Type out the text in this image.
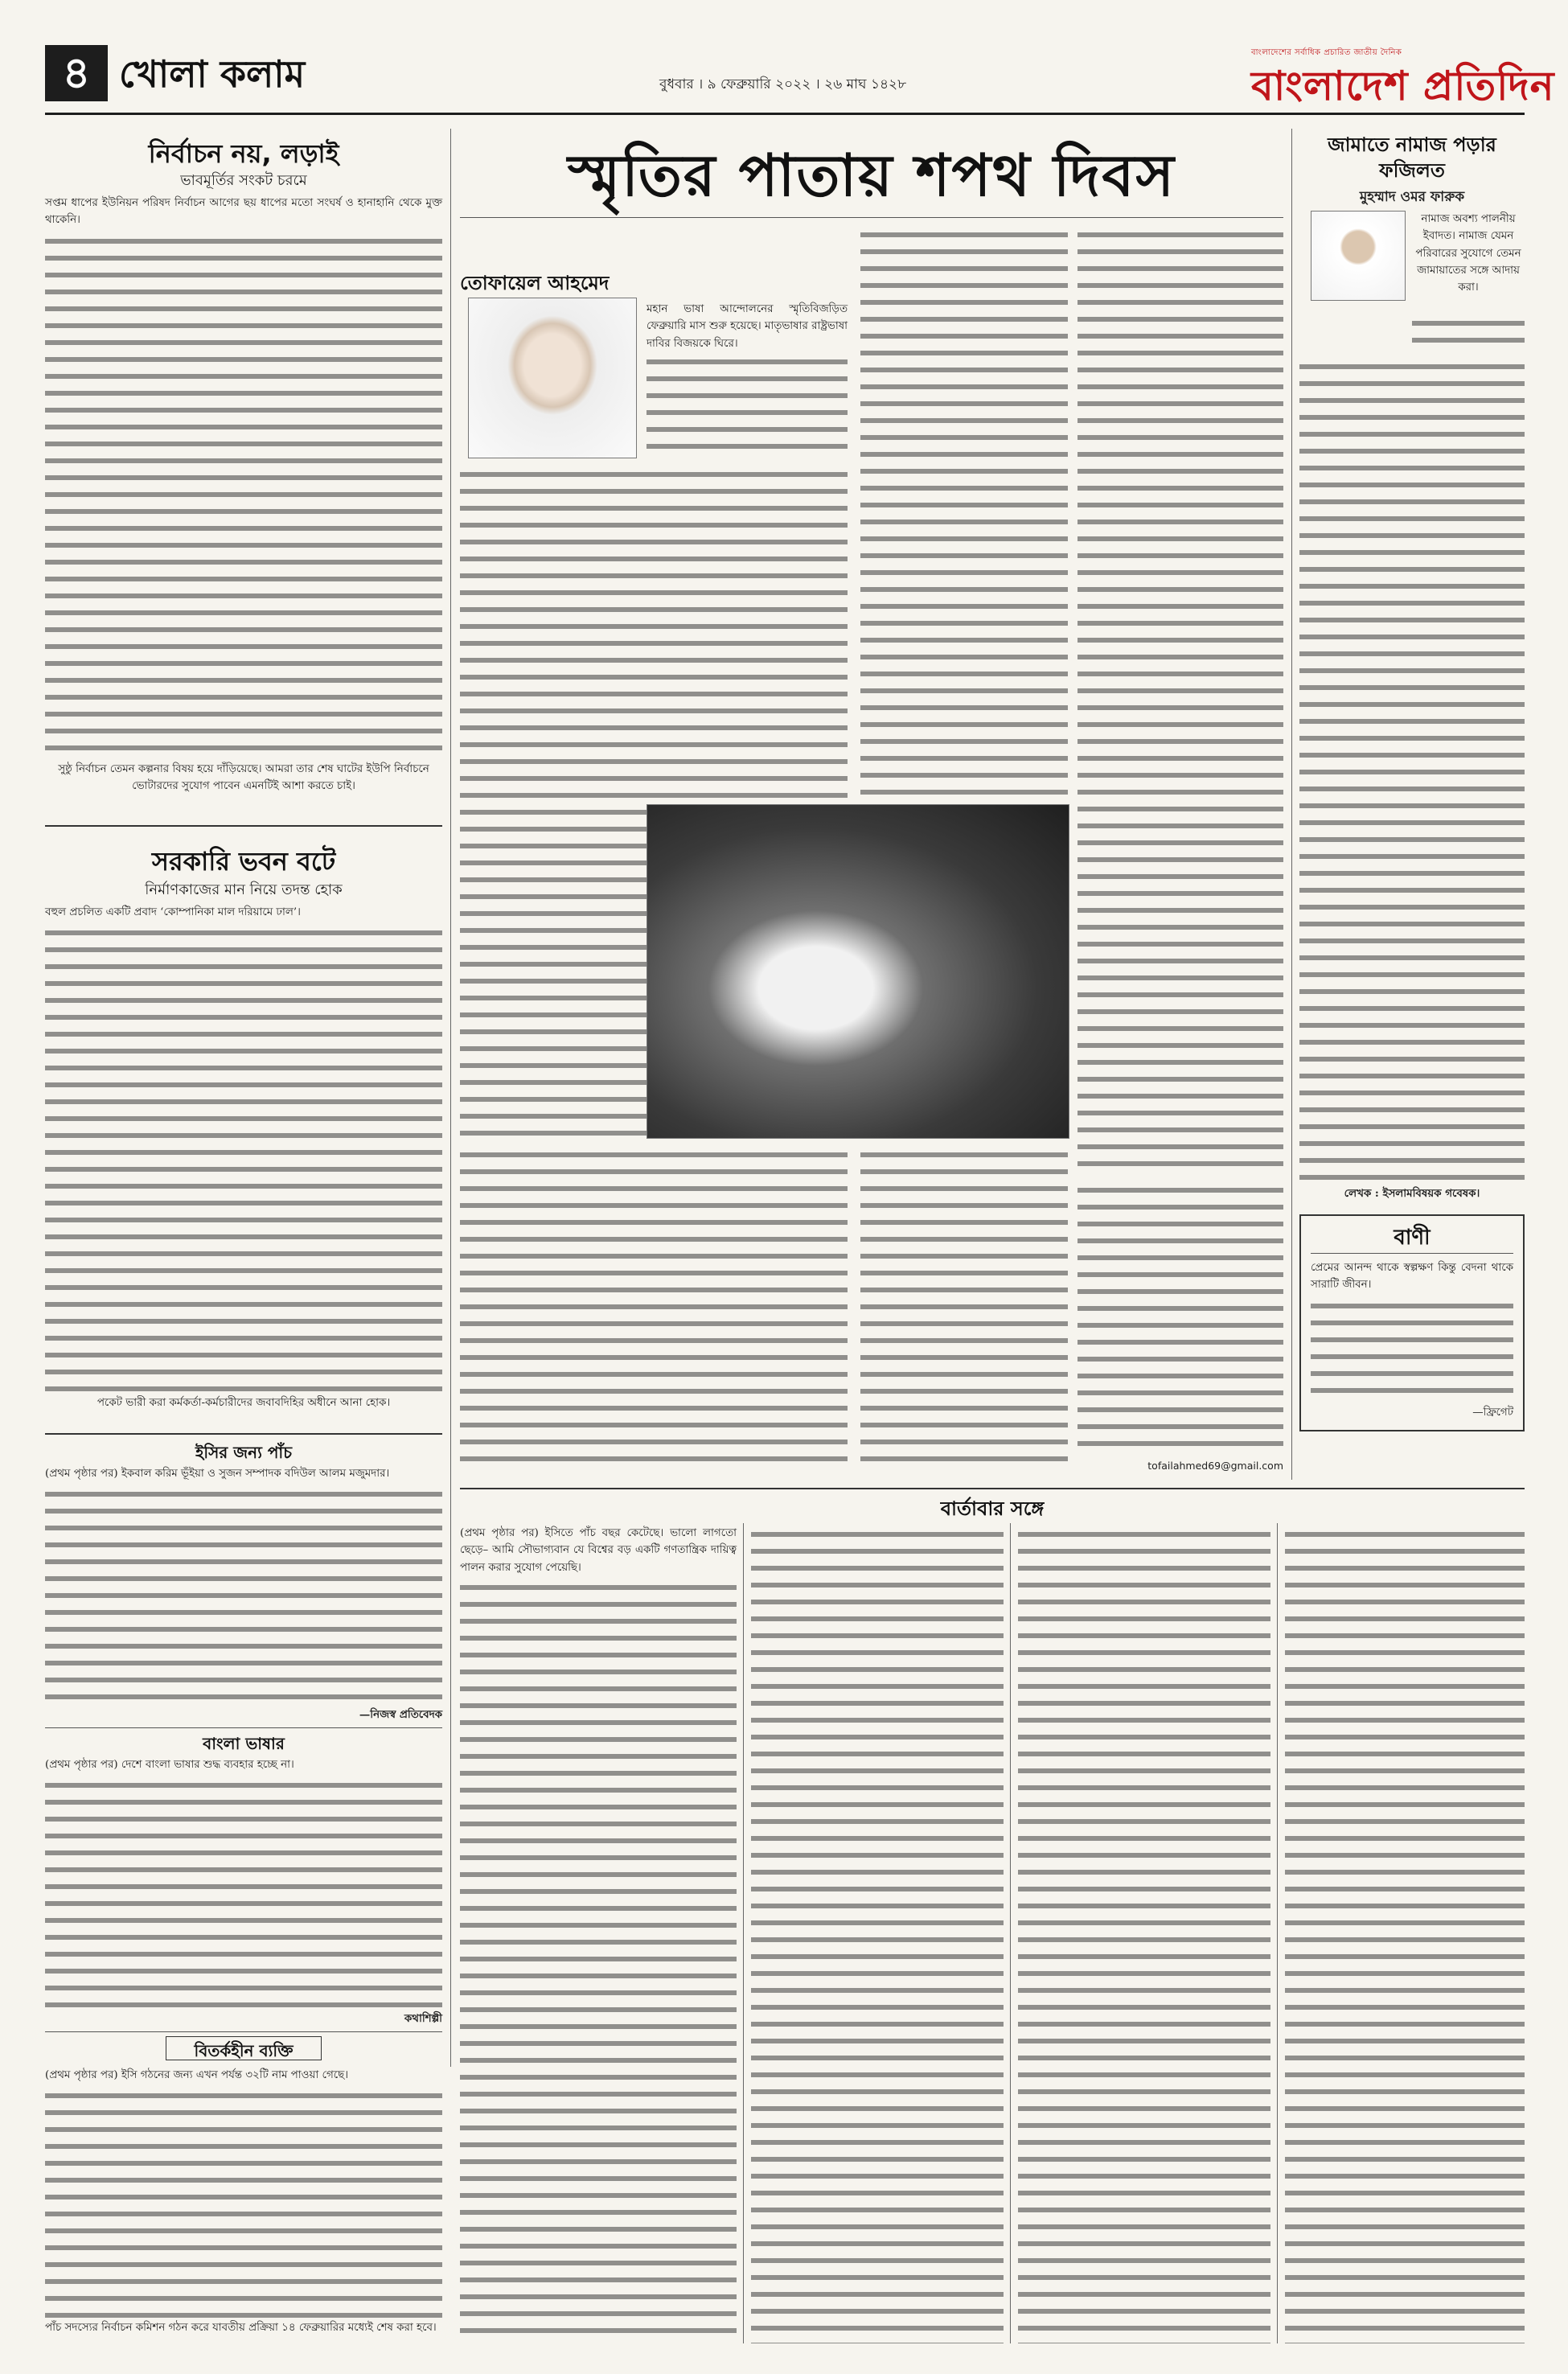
৪ খোলা কলাম	বুধবার । ৯ ফেব্রুয়ারি ২০২২ । ২৬ মাঘ ১৪২৮
বাংলাদেশের সর্বাধিক প্রচারিত জাতীয় দৈনিক
বাংলাদেশ প্রতিদিন
নির্বাচন নয়, লড়াই
ভাবমূর্তির সংকট চরমে
সপ্তম ধাপের ইউনিয়ন পরিষদ নির্বাচন আগের ছয় ধাপের মতো সংঘর্ষ ও হানাহানি থেকে মুক্ত থাকেনি।
সুষ্ঠু নির্বাচন তেমন কল্পনার বিষয় হয়ে দাঁড়িয়েছে। আমরা তার শেষ ঘাটের ইউপি নির্বাচনে ভোটারদের সুযোগ পাবেন এমনটিই আশা করতে চাই।
সরকারি ভবন বটে
নির্মাণকাজের মান নিয়ে তদন্ত হোক
বহুল প্রচলিত একটি প্রবাদ ‘কোম্পানিকা মাল দরিয়ামে ঢাল’।
পকেট ভারী করা কর্মকর্তা-কর্মচারীদের জবাবদিহির অধীনে আনা হোক।
ইসির জন্য পাঁচ
(প্রথম পৃষ্ঠার পর) ইকবাল করিম ভূঁইয়া ও সুজন সম্পাদক বদিউল আলম মজুমদার।
—নিজস্ব প্রতিবেদক
বাংলা ভাষার
(প্রথম পৃষ্ঠার পর) দেশে বাংলা ভাষার শুদ্ধ ব্যবহার হচ্ছে না।
কথাশিল্পী
বিতর্কহীন ব্যক্তি
(প্রথম পৃষ্ঠার পর) ইসি গঠনের জন্য এখন পর্যন্ত ৩২টি নাম পাওয়া গেছে।
পাঁচ সদস্যের নির্বাচন কমিশন গঠন করে যাবতীয় প্রক্রিয়া ১৪ ফেব্রুয়ারির মধ্যেই শেষ করা হবে।
স্মৃতির পাতায় শপথ দিবস
তোফায়েল আহমেদ
মহান ভাষা আন্দোলনের স্মৃতিবিজড়িত ফেব্রুয়ারি মাস শুরু হয়েছে। মাতৃভাষার রাষ্ট্রভাষা দাবির বিজয়কে ঘিরে।
tofailahmed69@gmail.com
জামাতে নামাজ পড়ার ফজিলত
মুহম্মাদ ওমর ফারুক
নামাজ অবশ্য পালনীয় ইবাদত। নামাজ যেমন পরিবারের সুযোগে তেমন জামায়াতের সঙ্গে আদায় করা।
লেখক : ইসলামবিষয়ক গবেষক।
বাণী
প্রেমের আনন্দ থাকে স্বল্পক্ষণ কিন্তু বেদনা থাকে সারাটি জীবন।
—ফ্রিগেট
বার্তাবার সঙ্গে
(প্রথম পৃষ্ঠার পর) ইসিতে পাঁচ বছর কেটেছে। ভালো লাগতো ছেড়ে– আমি সৌভাগ্যবান যে বিশ্বের বড় একটি গণতান্ত্রিক দায়িত্ব পালন করার সুযোগ পেয়েছি।
